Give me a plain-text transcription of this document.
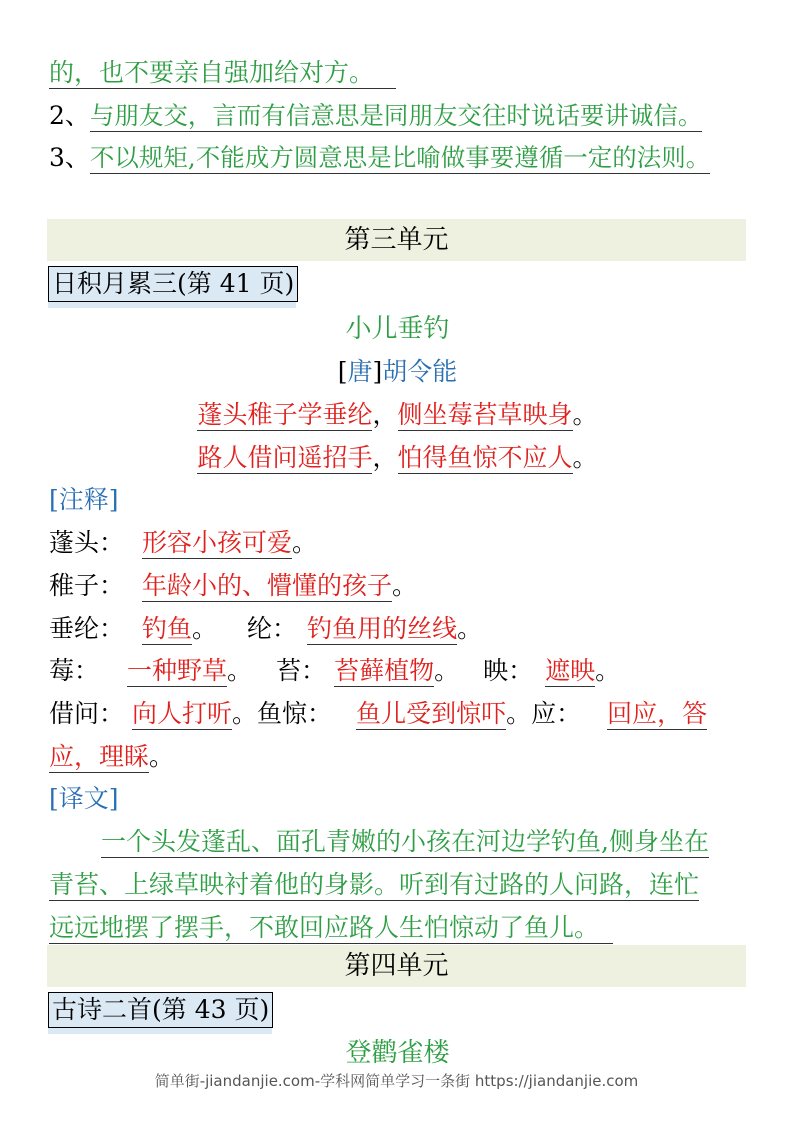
的，也不要亲自强加给对方。
2、与朋友交，言而有信意思是同朋友交往时说话要讲诚信。
3、不以规矩,不能成方圆意思是比喻做事要遵循一定的法则。
第三单元
日积月累三(第 41 页)
小儿垂钓
[唐]胡令能
蓬头稚子学垂纶，侧坐莓苔草映身。
路人借问遥招手，怕得鱼惊不应人。
[注释]
蓬头： 形容小孩可爱。
稚子： 年龄小的、懵懂的孩子。
垂纶： 钓鱼。 纶： 钓鱼用的丝线。
莓： 一种野草。 苔： 苔藓植物。 映： 遮映。
借问： 向人打听。鱼惊： 鱼儿受到惊吓。应： 回应，答
应，理睬。
[译文]
一个头发蓬乱、面孔青嫩的小孩在河边学钓鱼,侧身坐在
青苔、上绿草映衬着他的身影。听到有过路的人问路，连忙
远远地摆了摆手，不敢回应路人生怕惊动了鱼儿。
第四单元
古诗二首(第 43 页)
登鹳雀楼
简单街-jiandanjie.com-学科网简单学习一条街 https://jiandanjie.com
